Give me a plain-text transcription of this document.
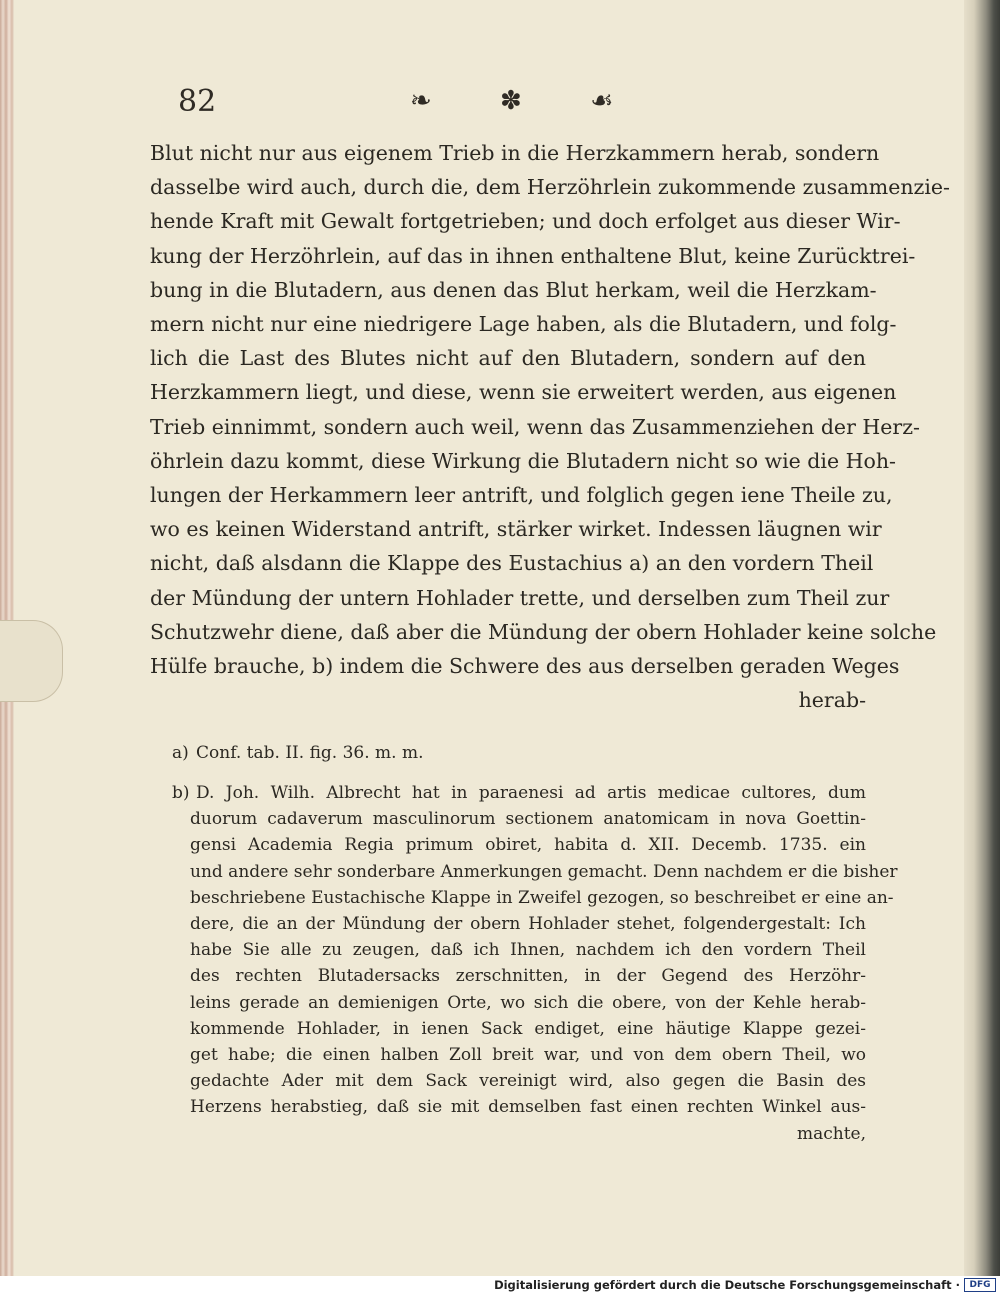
82	❧ ✽ ☙
Blut nicht nur aus eigenem Trieb in die Herzkammern herab, sondern
dasselbe wird auch, durch die, dem Herzöhrlein zukommende zusammenzie-
hende Kraft mit Gewalt fortgetrieben; und doch erfolget aus dieser Wir-
kung der Herzöhrlein, auf das in ihnen enthaltene Blut, keine Zurücktrei-
bung in die Blutadern, aus denen das Blut herkam, weil die Herzkam-
mern nicht nur eine niedrigere Lage haben, als die Blutadern, und folg-
lich die Last des Blutes nicht auf den Blutadern, sondern auf den
Herzkammern liegt, und diese, wenn sie erweitert werden, aus eigenen
Trieb einnimmt, sondern auch weil, wenn das Zusammenziehen der Herz-
öhrlein dazu kommt, diese Wirkung die Blutadern nicht so wie die Hoh-
lungen der Herkammern leer antrift, und folglich gegen iene Theile zu,
wo es keinen Widerstand antrift, stärker wirket. Indessen läugnen wir
nicht, daß alsdann die Klappe des Eustachius a) an den vordern Theil
der Mündung der untern Hohlader trette, und derselben zum Theil zur
Schutzwehr diene, daß aber die Mündung der obern Hohlader keine solche
Hülfe brauche, b) indem die Schwere des aus derselben geraden Weges
herab-
a) Conf. tab. II. fig. 36. m. m.
b) D. Joh. Wilh. Albrecht hat in paraenesi ad artis medicae cultores, dum
duorum cadaverum masculinorum sectionem anatomicam in nova Goettin-
gensi Academia Regia primum obiret, habita d. XII. Decemb. 1735. ein
und andere sehr sonderbare Anmerkungen gemacht. Denn nachdem er die bisher
beschriebene Eustachische Klappe in Zweifel gezogen, so beschreibet er eine an-
dere, die an der Mündung der obern Hohlader stehet, folgendergestalt: Ich
habe Sie alle zu zeugen, daß ich Ihnen, nachdem ich den vordern Theil
des rechten Blutadersacks zerschnitten, in der Gegend des Herzöhr-
leins gerade an demienigen Orte, wo sich die obere, von der Kehle herab-
kommende Hohlader, in ienen Sack endiget, eine häutige Klappe gezei-
get habe; die einen halben Zoll breit war, und von dem obern Theil, wo
gedachte Ader mit dem Sack vereinigt wird, also gegen die Basin des
Herzens herabstieg, daß sie mit demselben fast einen rechten Winkel aus-
machte,
Digitalisierung gefördert durch die Deutsche Forschungsgemeinschaft ·	DFG
